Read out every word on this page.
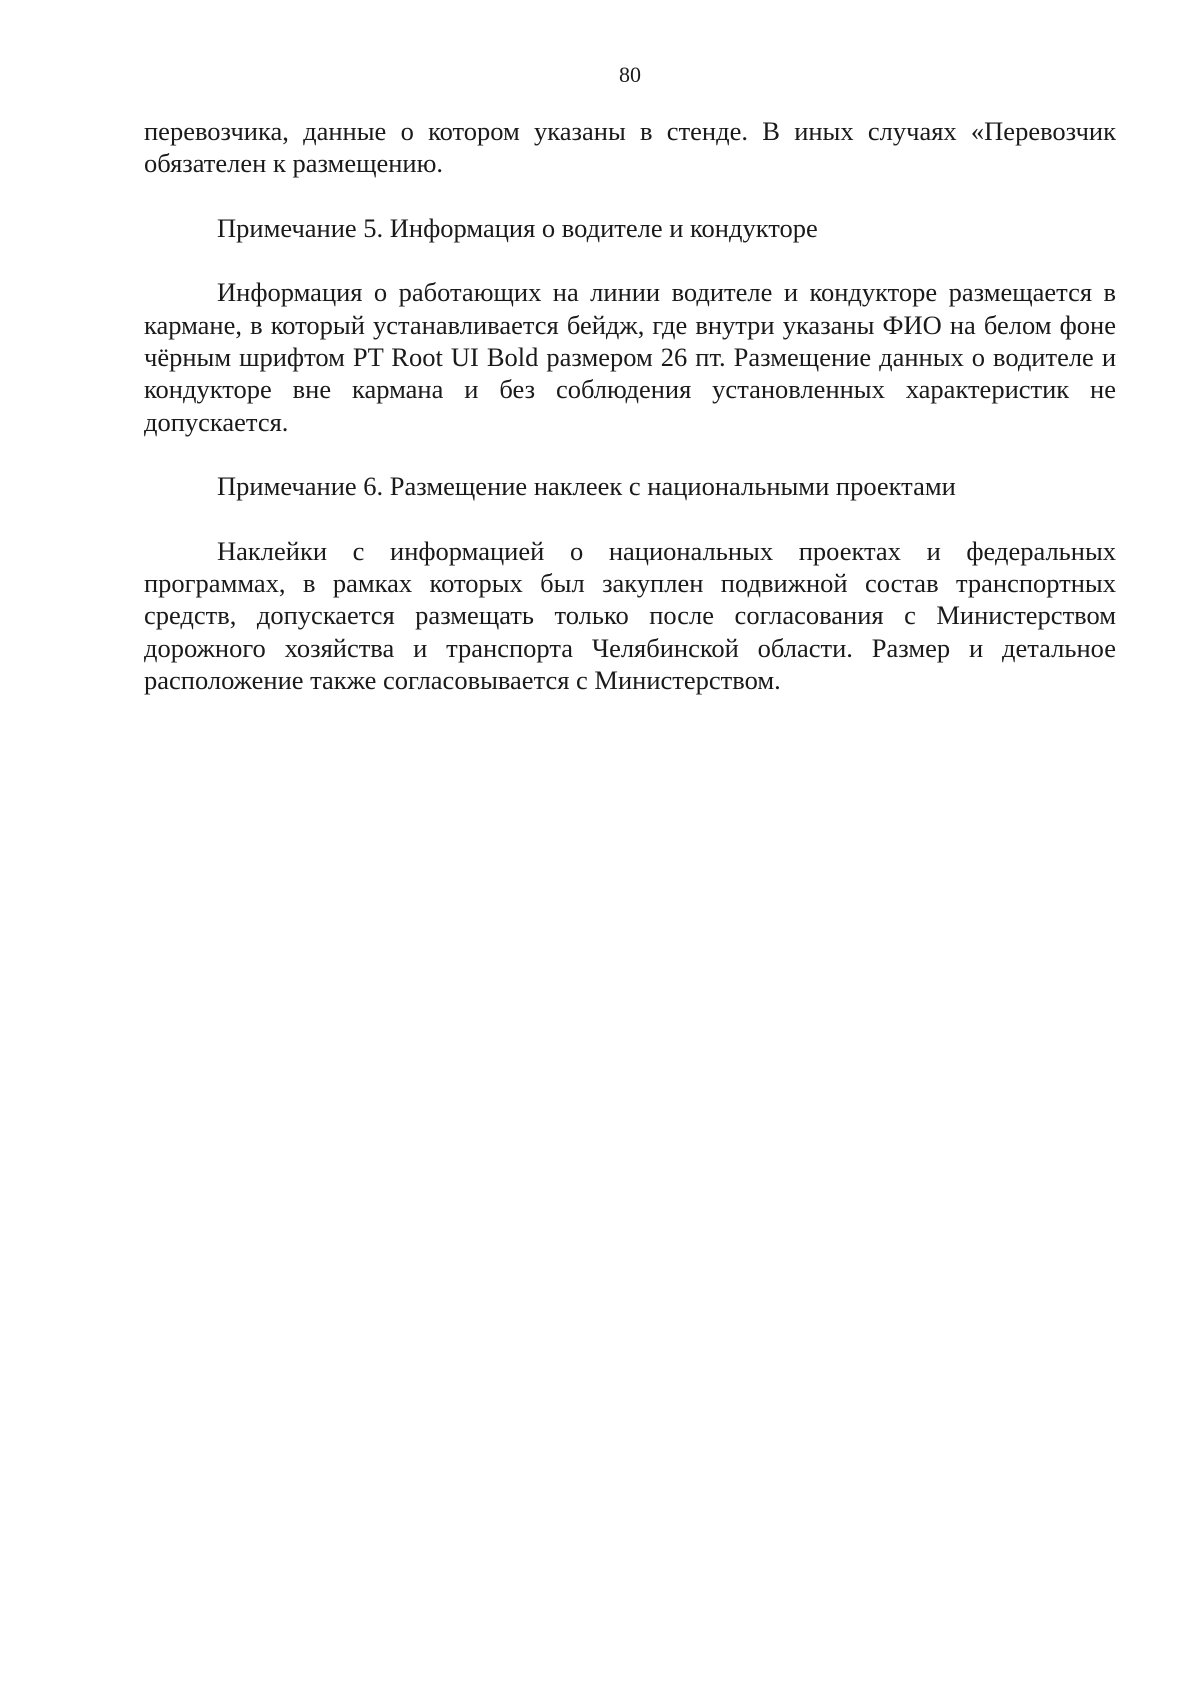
80

перевозчика, данные о котором указаны в стенде. В иных случаях «Перевозчик обязателен к размещению.

Примечание 5. Информация о водителе и кондукторе

Информация о работающих на линии водителе и кондукторе размещается в кармане, в который устанавливается бейдж, где внутри указаны ФИО на белом фоне чёрным шрифтом PT Root UI Bold размером 26 пт. Размещение данных о водителе и кондукторе вне кармана и без соблюдения установленных характеристик не допускается.

Примечание 6. Размещение наклеек с национальными проектами

Наклейки с информацией о национальных проектах и федеральных программах, в рамках которых был закуплен подвижной состав транспортных средств, допускается размещать только после согласования с Министерством дорожного хозяйства и транспорта Челябинской области. Размер и детальное расположение также согласовывается с Министерством.
